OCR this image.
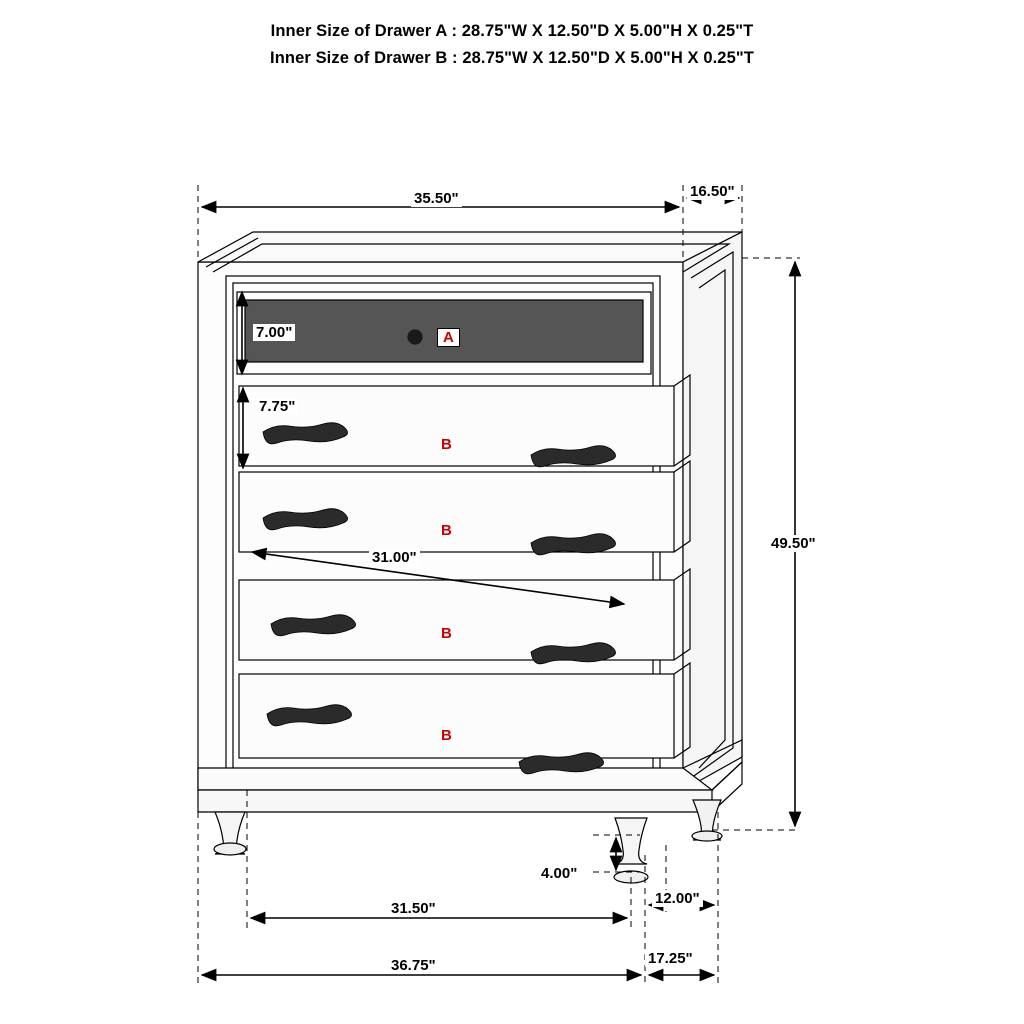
Inner Size of Drawer A : 28.75"W X 12.50"D X 5.00"H X 0.25"T
Inner Size of Drawer B : 28.75"W X 12.50"D X 5.00"H X 0.25"T
35.50"	16.50"
7.00"
7.75"
31.00"
49.50"
4.00"
12.00"
31.50"
36.75"	17.25"
A
B
B
B
B
